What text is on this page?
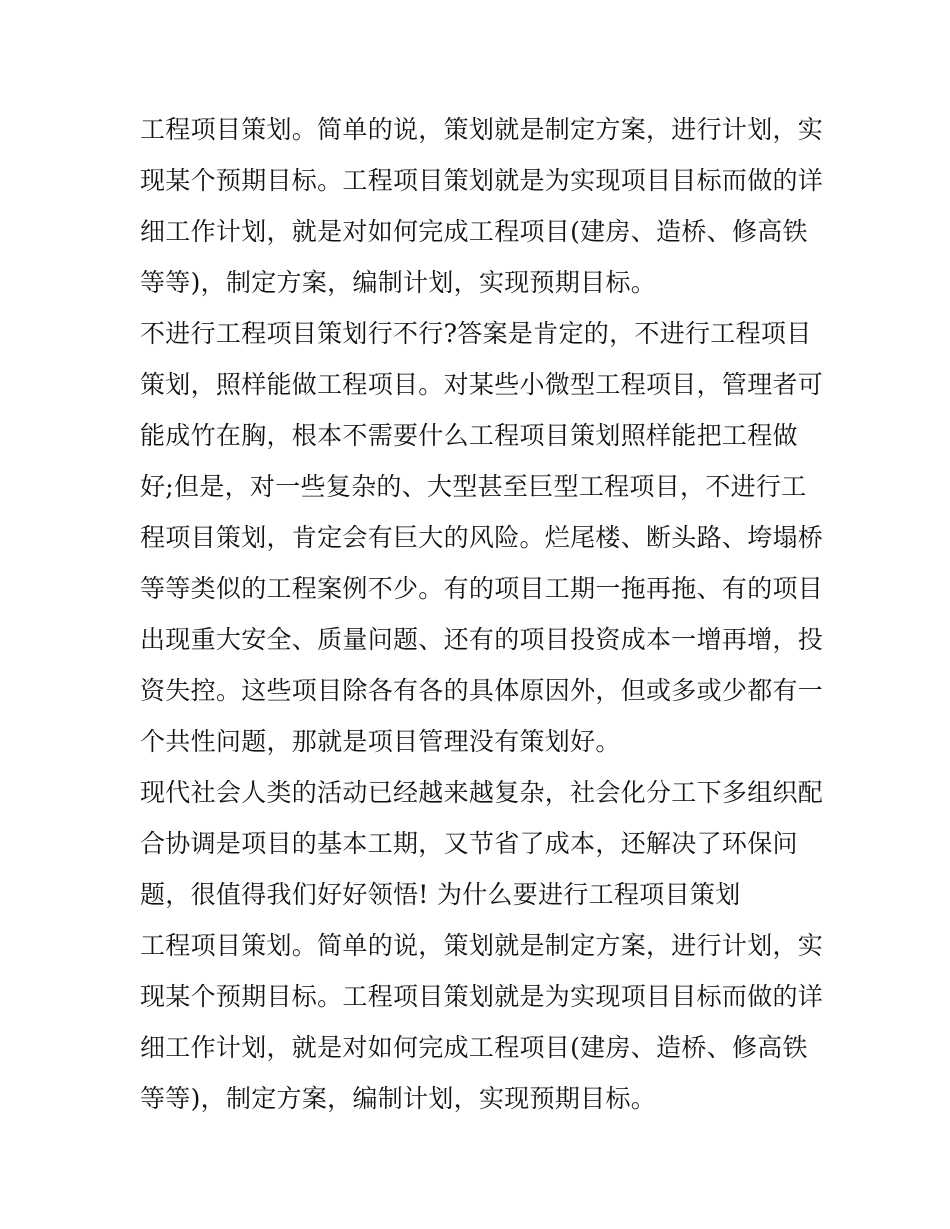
工程项目策划。简单的说，策划就是制定方案，进行计划，实
现某个预期目标。工程项目策划就是为实现项目目标而做的详
细工作计划，就是对如何完成工程项目(建房、造桥、修高铁
等等)，制定方案，编制计划，实现预期目标。
不进行工程项目策划行不行?答案是肯定的，不进行工程项目
策划，照样能做工程项目。对某些小微型工程项目，管理者可
能成竹在胸，根本不需要什么工程项目策划照样能把工程做
好;但是，对一些复杂的、大型甚至巨型工程项目，不进行工
程项目策划，肯定会有巨大的风险。烂尾楼、断头路、垮塌桥
等等类似的工程案例不少。有的项目工期一拖再拖、有的项目
出现重大安全、质量问题、还有的项目投资成本一增再增，投
资失控。这些项目除各有各的具体原因外，但或多或少都有一
个共性问题，那就是项目管理没有策划好。
现代社会人类的活动已经越来越复杂，社会化分工下多组织配
合协调是项目的基本工期，又节省了成本，还解决了环保问
题，很值得我们好好领悟! 为什么要进行工程项目策划
工程项目策划。简单的说，策划就是制定方案，进行计划，实
现某个预期目标。工程项目策划就是为实现项目目标而做的详
细工作计划，就是对如何完成工程项目(建房、造桥、修高铁
等等)，制定方案，编制计划，实现预期目标。
